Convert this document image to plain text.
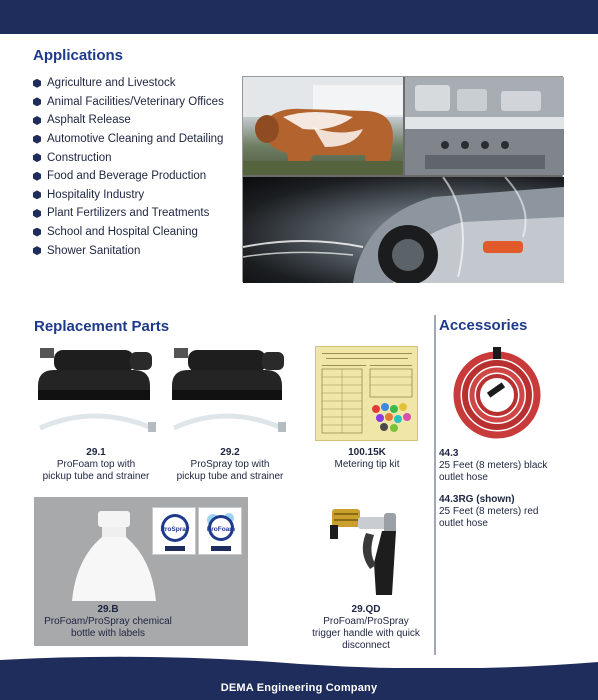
Applications
Agriculture and Livestock
Animal Facilities/Veterinary Offices
Asphalt Release
Automotive Cleaning and Detailing
Construction
Food and Beverage Production
Hospitality Industry
Plant Fertilizers and Treatments
School and Hospital Cleaning
Shower Sanitation
Replacement Parts	Accessories
29.1
ProFoam top with
pickup tube and strainer
29.2
ProSpray top with
pickup tube and strainer
100.15K
Metering tip kit
44.3
25 Feet (8 meters) black
outlet hose
44.3RG (shown)
25 Feet (8 meters) red
outlet hose
ProSpray	ProFoam
29.B
ProFoam/ProSpray chemical
bottle with labels
29.QD
ProFoam/ProSpray
trigger handle with quick
disconnect
DEMA Engineering Company
